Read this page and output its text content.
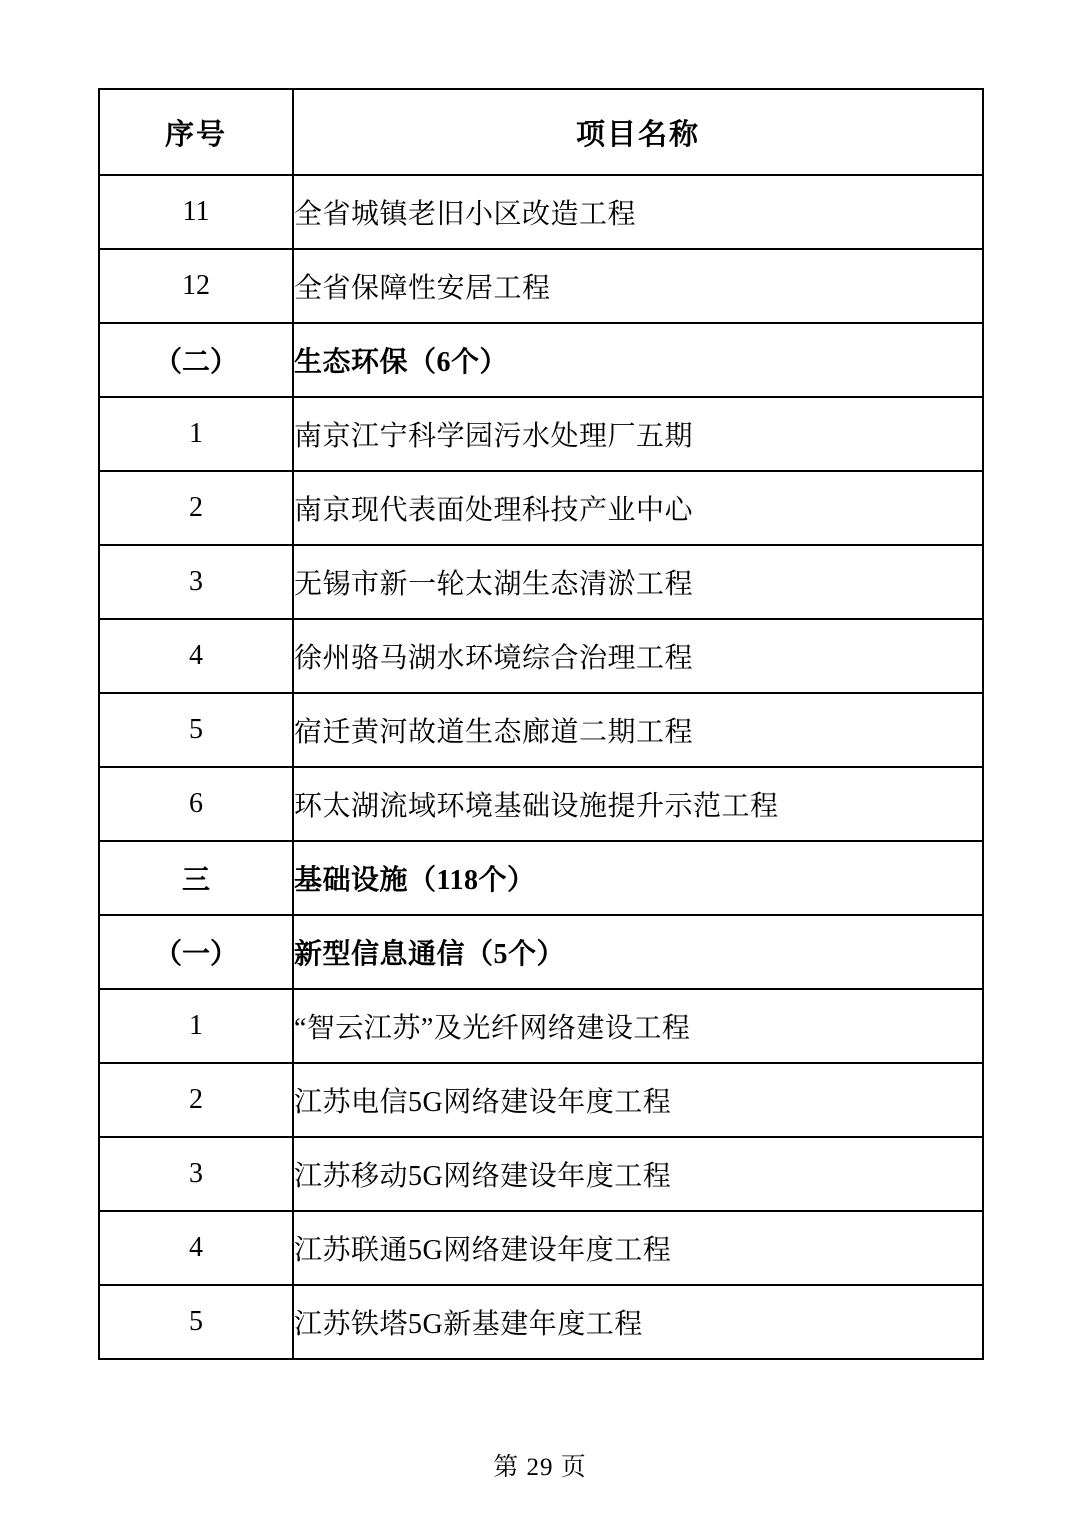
序号	项目名称
11	全省城镇老旧小区改造工程
12	全省保障性安居工程
（二）	生态环保（6个）
1	南京江宁科学园污水处理厂五期
2	南京现代表面处理科技产业中心
3	无锡市新一轮太湖生态清淤工程
4	徐州骆马湖水环境综合治理工程
5	宿迁黄河故道生态廊道二期工程
6	环太湖流域环境基础设施提升示范工程
三	基础设施（118个）
（一）	新型信息通信（5个）
1	“智云江苏”及光纤网络建设工程
2	江苏电信5G网络建设年度工程
3	江苏移动5G网络建设年度工程
4	江苏联通5G网络建设年度工程
5	江苏铁塔5G新基建年度工程
第 29 页
